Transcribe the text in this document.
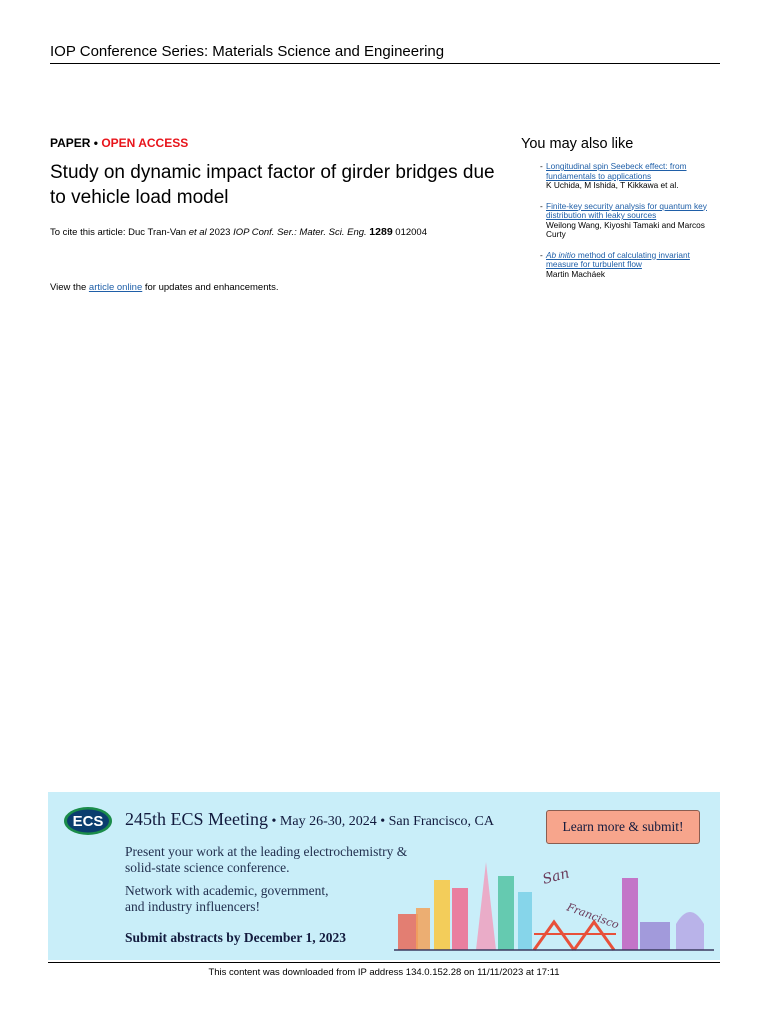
IOP Conference Series: Materials Science and Engineering
PAPER • OPEN ACCESS
Study on dynamic impact factor of girder bridges due to vehicle load model
To cite this article: Duc Tran-Van et al 2023 IOP Conf. Ser.: Mater. Sci. Eng. 1289 012004
View the article online for updates and enhancements.
You may also like
- Longitudinal spin Seebeck effect: from fundamentals to applications
K Uchida, M Ishida, T Kikkawa et al.
- Finite-key security analysis for quantum key distribution with leaky sources
Weilong Wang, Kiyoshi Tamaki and Marcos Curty
- Ab initio method of calculating invariant measure for turbulent flow
Martin Macháek
ECS 245th ECS Meeting • May 26-30, 2024 • San Francisco, CA	Learn more & submit!
Present your work at the leading electrochemistry &
solid-state science conference.
Network with academic, government,
and industry influencers!
Submit abstracts by December 1, 2023
San
Francisco
This content was downloaded from IP address 134.0.152.28 on 11/11/2023 at 17:11
